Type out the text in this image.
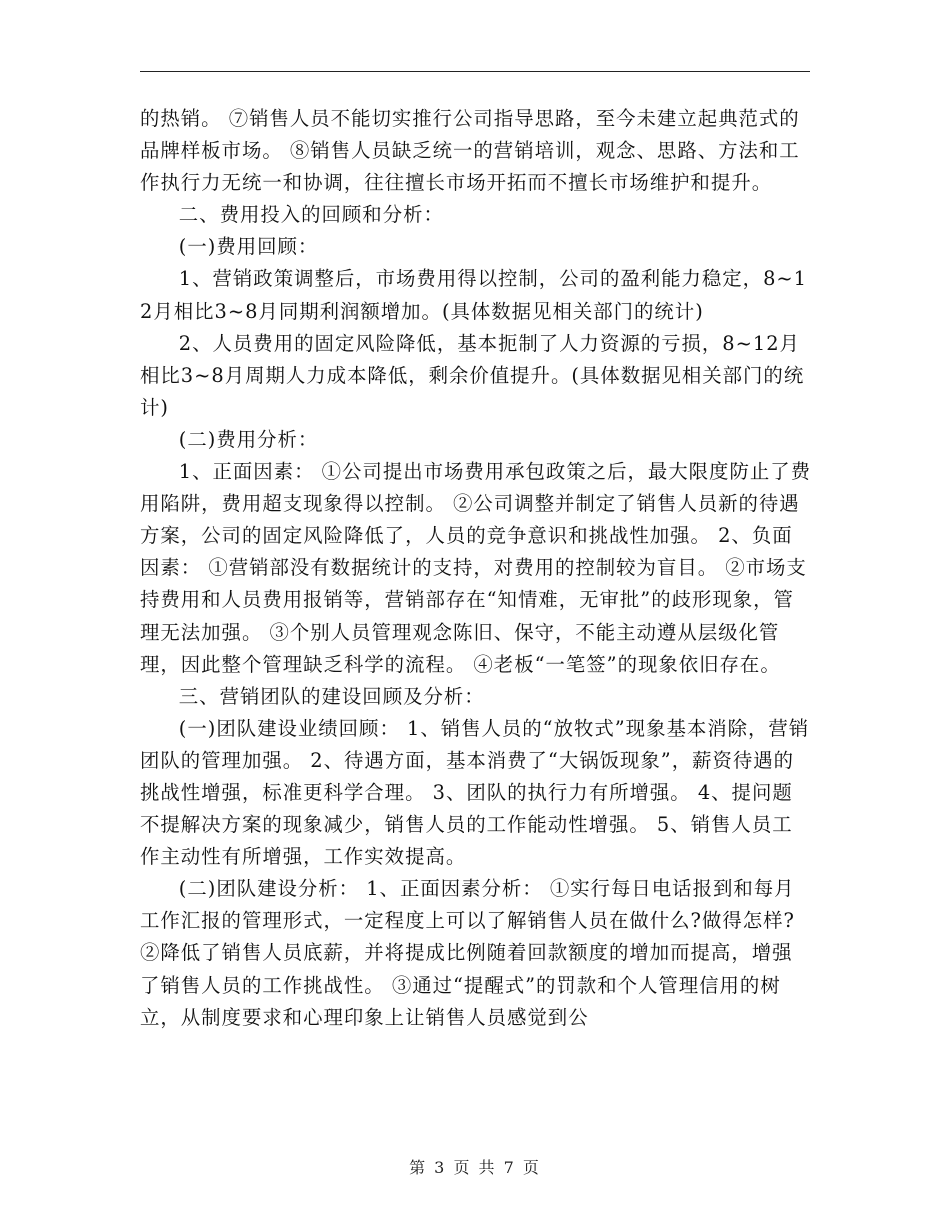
的热销。 ⑦销售人员不能切实推行公司指导思路，至今未建立起典范式的品牌样板市场。 ⑧销售人员缺乏统一的营销培训，观念、思路、方法和工作执行力无统一和协调，往往擅长市场开拓而不擅长市场维护和提升。

二、费用投入的回顾和分析：

(一)费用回顾：

1、营销政策调整后，市场费用得以控制，公司的盈利能力稳定，8~12月相比3~8月同期利润额增加。(具体数据见相关部门的统计)

2、人员费用的固定风险降低，基本扼制了人力资源的亏损，8~12月相比3~8月周期人力成本降低，剩余价值提升。(具体数据见相关部门的统计)

(二)费用分析：

1、正面因素： ①公司提出市场费用承包政策之后，最大限度防止了费用陷阱，费用超支现象得以控制。 ②公司调整并制定了销售人员新的待遇方案，公司的固定风险降低了，人员的竞争意识和挑战性加强。 2、负面因素： ①营销部没有数据统计的支持，对费用的控制较为盲目。 ②市场支持费用和人员费用报销等，营销部存在“知情难，无审批”的歧形现象，管理无法加强。 ③个别人员管理观念陈旧、保守，不能主动遵从层级化管理，因此整个管理缺乏科学的流程。 ④老板“一笔签”的现象依旧存在。

三、营销团队的建设回顾及分析：

(一)团队建设业绩回顾： 1、销售人员的“放牧式”现象基本消除，营销团队的管理加强。 2、待遇方面，基本消费了“大锅饭现象”，薪资待遇的挑战性增强，标准更科学合理。 3、团队的执行力有所增强。 4、提问题不提解决方案的现象减少，销售人员的工作能动性增强。 5、销售人员工作主动性有所增强，工作实效提高。

(二)团队建设分析： 1、正面因素分析： ①实行每日电话报到和每月工作汇报的管理形式，一定程度上可以了解销售人员在做什么?做得怎样? ②降低了销售人员底薪，并将提成比例随着回款额度的增加而提高，增强了销售人员的工作挑战性。 ③通过“提醒式”的罚款和个人管理信用的树立，从制度要求和心理印象上让销售人员感觉到公

第 3 页 共 7 页
